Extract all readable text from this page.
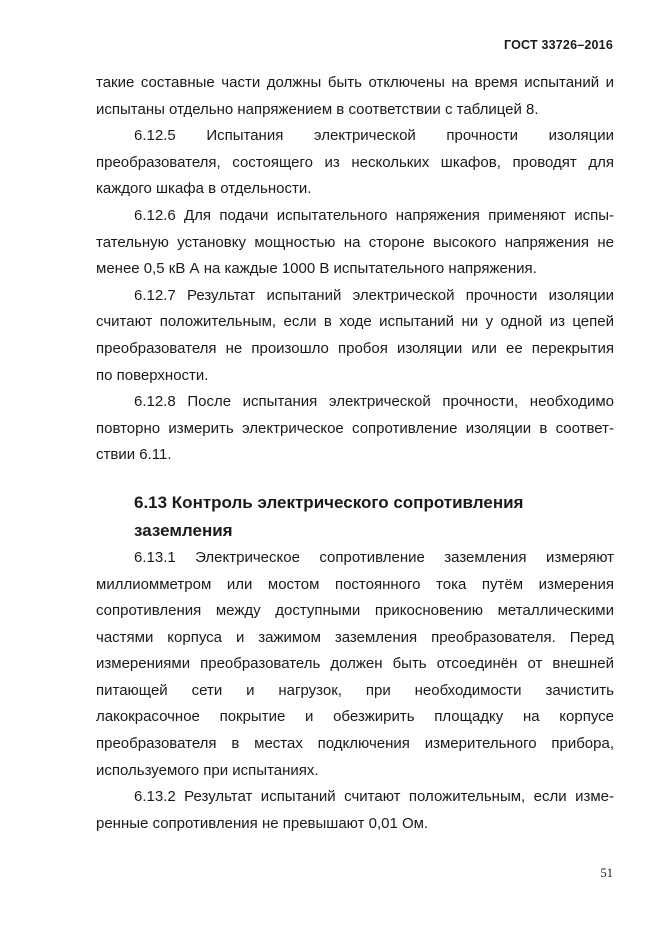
ГОСТ 33726–2016
такие составные части должны быть отключены на время испытаний и
испытаны отдельно напряжением в соответствии с таблицей 8.
6.12.5 Испытания электрической прочности изоляции
преобразователя, состоящего из нескольких шкафов, проводят для
каждого шкафа в отдельности.
6.12.6 Для подачи испытательного напряжения применяют испы-
тательную установку мощностью на стороне высокого напряжения не
менее 0,5 кВ А на каждые 1000 В испытательного напряжения.
6.12.7 Результат испытаний электрической прочности изоляции
считают положительным, если в ходе испытаний ни у одной из цепей
преобразователя не произошло пробоя изоляции или ее перекрытия
по поверхности.
6.12.8 После испытания электрической прочности, необходимо
повторно измерить электрическое сопротивление изоляции в соответ-
ствии 6.11.
6.13 Контроль электрического сопротивления
заземления
6.13.1 Электрическое сопротивление заземления измеряют
миллиомметром или мостом постоянного тока путём измерения
сопротивления между доступными прикосновению металлическими
частями корпуса и зажимом заземления преобразователя. Перед
измерениями преобразователь должен быть отсоединён от внешней
питающей сети и нагрузок, при необходимости зачистить
лакокрасочное покрытие и обезжирить площадку на корпусе
преобразователя в местах подключения измерительного прибора,
используемого при испытаниях.
6.13.2 Результат испытаний считают положительным, если изме-
ренные сопротивления не превышают 0,01 Ом.
51
